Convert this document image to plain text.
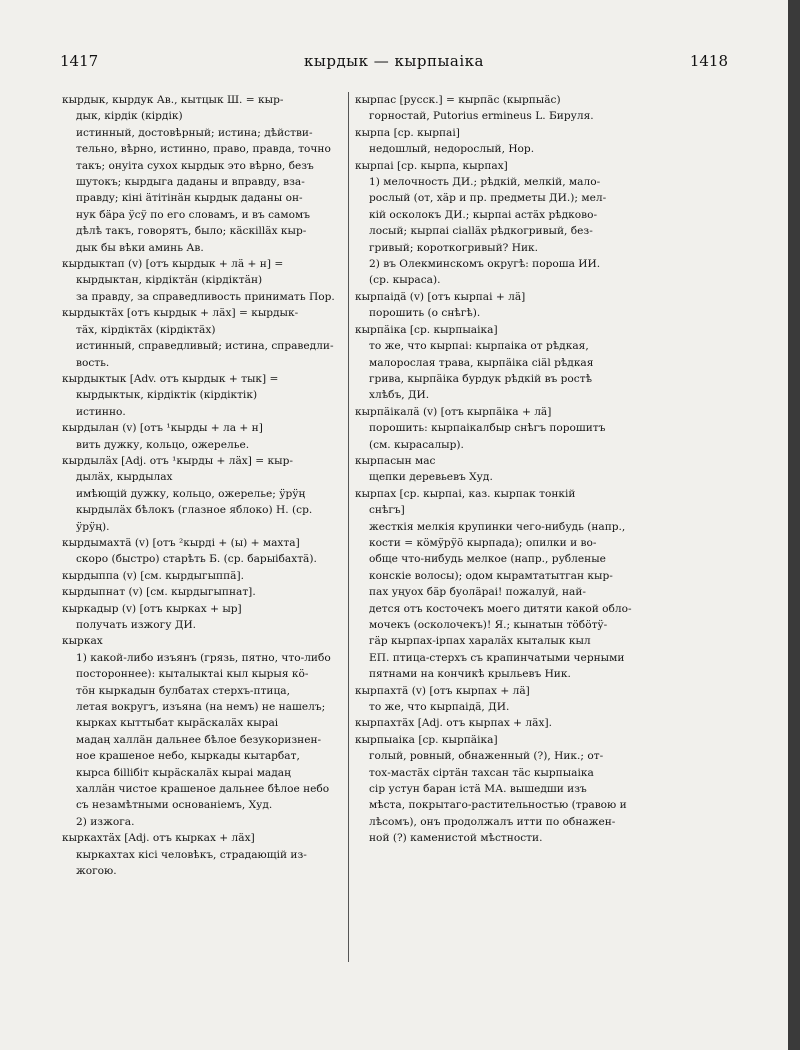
1417	кырдык — кырпыаіка	1418
кырдык, кырдук Ав., кытцык Ш. = кыр-
дык, кірдік (кірдік)
истинный, достовѣрный; истина; дѣйстви-
тельно, вѣрно, истинно, право, правда, точно
такъ; онуіта сухох кырдык это вѣрно, безъ
шутокъ; кырдыга даданы и вправду, взa-
правду; кіні ӓтітінӓн кырдык даданы он-
нук бӓра ӱсӱ по его словамъ, и въ самомъ
дѣлѣ такъ, говорятъ, было; кӓскіllӓх кыр-
дык бы вѣки аминь Ав.
кырдыктап (v) [отъ кырдык + лӓ + н] =
кырдыктан, кірдіктӓн (кірдіктӓн)
за правду, за справедливость принимать Пор.
кырдыктӓх [отъ кырдык + лӓх] = кырдык-
тӓх, кірдіктӓх (кірдіктӓх)
истинный, справедливый; истина, справедли-
вость.
кырдыктык [Adv. отъ кырдык + тык] =
кырдыктык, кірдіктік (кірдіктік)
истинно.
кырдылан (v) [отъ ¹кырды + ла + н]
вить дужку, кольцо, ожерелье.
кырдылӓх [Adj. отъ ¹кырды + лӓх] = кыр-
дылӓх, кырдылах
имѣющій дужку, кольцо, ожерелье; ӱрӱң
кырдылӓх бѣлокъ (глазное яблоко) Н. (ср.
ӱрӱң).
кырдымахтӓ (v) [отъ ²кырді + (ы) + махта]
скоро (быстро) старѣть Б. (ср. барыібахтӓ).
кырдыппа (v) [см. кырдыгыппӓ].
кырдыпнат (v) [см. кырдыгыпнат].
кыркадыр (v) [отъ кыркax + ыр]
получать изжогу ДИ.
кыркax
1) какой-либо изъянъ (грязь, пятно, что-либо
постороннее): кыталыктаі кыл кырыя кӧ-
тӧн кыркадын булбатах стерхъ-птица,
летая вокругъ, изъяна (на немъ) не нашелъ;
кыркax кыттыбат кырӓскалӓх кыраі
мадаң халлӓн дальнее бѣлое безукоризнен-
ное крашеное небо, кыркады кытарбат,
кырса біllібіт кырӓскалӓх кыраі мадаң
халлӓн чистое крашеное дальнее бѣлое небо
съ незамѣтными основаніемъ, Худ.
2) изжога.
кыркахтӓх [Adj. отъ кыркax + лӓх]
кыркахтах кісі человѣкъ, страдающій из-
жогою.
кырпас [русск.] = кырпӓс (кырпыӓс)
горностай, Putorius ermineus L. Бируля.
кырпа [ср. кырпаі]
недошлый, недорослый, Нор.
кырпаі [ср. кырпа, кырпах]
1) мелочность ДИ.; рѣдкій, мелкій, мало-
рослый (от, хӓр и пр. предметы ДИ.); мел-
кій осколокъ ДИ.; кырпаі астӓх рѣдково-
лосый; кырпаі сіаllӓх рѣдкогривый, без-
гривый; короткогривый? Ник.
2) въ Олекминскомъ округѣ: пороша ИИ.
(ср. кыраса).
кырпаідӓ (v) [отъ кырпаі + лӓ]
порошить (о снѣгѣ).
кырпӓіка [ср. кырпыаіка]
то же, что кырпаі: кырпаіка от рѣдкая,
малорослая трава, кырпӓіка сіӓl рѣдкая
грива, кырпӓіка бурдук рѣдкій въ ростѣ
хлѣбъ, ДИ.
кырпӓікалӓ (v) [отъ кырпӓіка + лӓ]
порошить: кырпаікалбыр снѣгъ порошитъ
(см. кырасалыр).
кырпасын мас
щепки деревьевъ Худ.
кырпах [ср. кырпаі, каз. кырпак тонкій
снѣгъ]
жесткія мелкія крупинки чего-нибудь (напр.,
кости = кӧмӱрӱӧ кырпада); опилки и во-
обще что-нибудь мелкое (напр., рубленые
конскіе волосы); одом кырамтатытган кыр-
пах уңуох бӓр буолӓраі! пожалуй, най-
дется отъ косточекъ моего дитяти какой обло-
мочекъ (осколочекъ)! Я.; кынатын тӧбӧтӱ-
гӓр кырпах-ірпах харалӓх кыталык кыл
ЕП. птица-стерхъ съ крапинчатыми черными
пятнами на кончикѣ крыльевъ Ник.
кырпахтӓ (v) [отъ кырпах + лӓ]
то же, что кырпаідӓ, ДИ.
кырпахтӓх [Adj. отъ кырпах + лӓх].
кырпыаіка [ср. кырпӓіка]
голый, ровный, обнаженный (?), Ник.; от-
тох-мастӓх сіртӓн тахсан тӓс кырпыаіка
сір устун баран істӓ МА. вышедши изъ
мѣста, покрытаго-растительностью (травою и
лѣсомъ), онъ продолжалъ итти по обнажен-
ной (?) каменистой мѣстности.
